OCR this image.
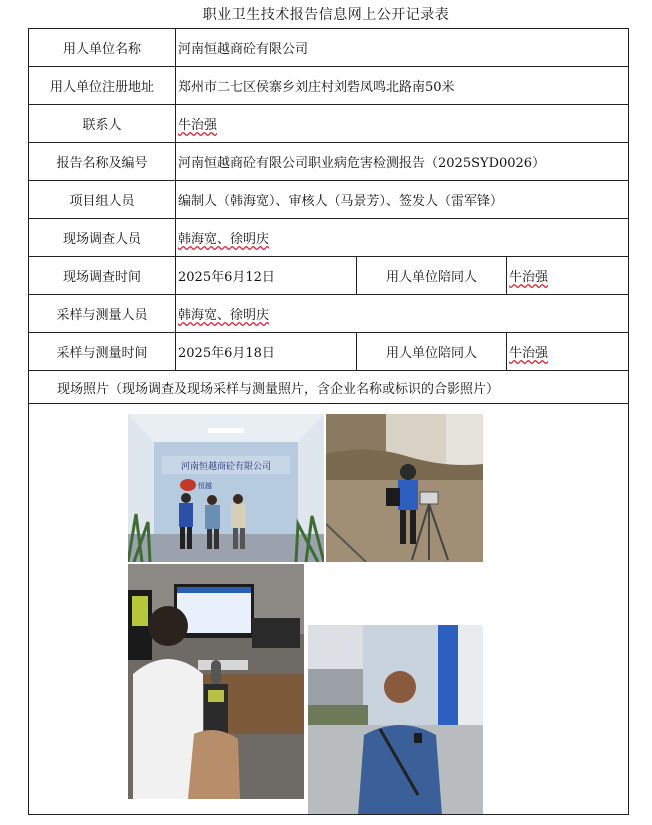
职业卫生技术报告信息网上公开记录表
用人单位名称	河南恒越商砼有限公司		
用人单位注册地址	郑州市二七区侯寨乡刘庄村刘砦凤鸣北路南50米		
联系人	牛治强		
报告名称及编号	河南恒越商砼有限公司职业病危害检测报告（2025SYD0026）		
项目组人员	编制人（韩海宽）、审核人（马景芳）、签发人（雷军锋）		
现场调查人员	韩海宽、徐明庆		
现场调查时间	2025年6月12日	用人单位陪同人	牛治强
采样与测量人员	韩海宽、徐明庆		
采样与测量时间	2025年6月18日	用人单位陪同人	牛治强
现场照片（现场调查及现场采样与测量照片，含企业名称或标识的合影照片）			

河南恒越商砼有限公司
恒越			
